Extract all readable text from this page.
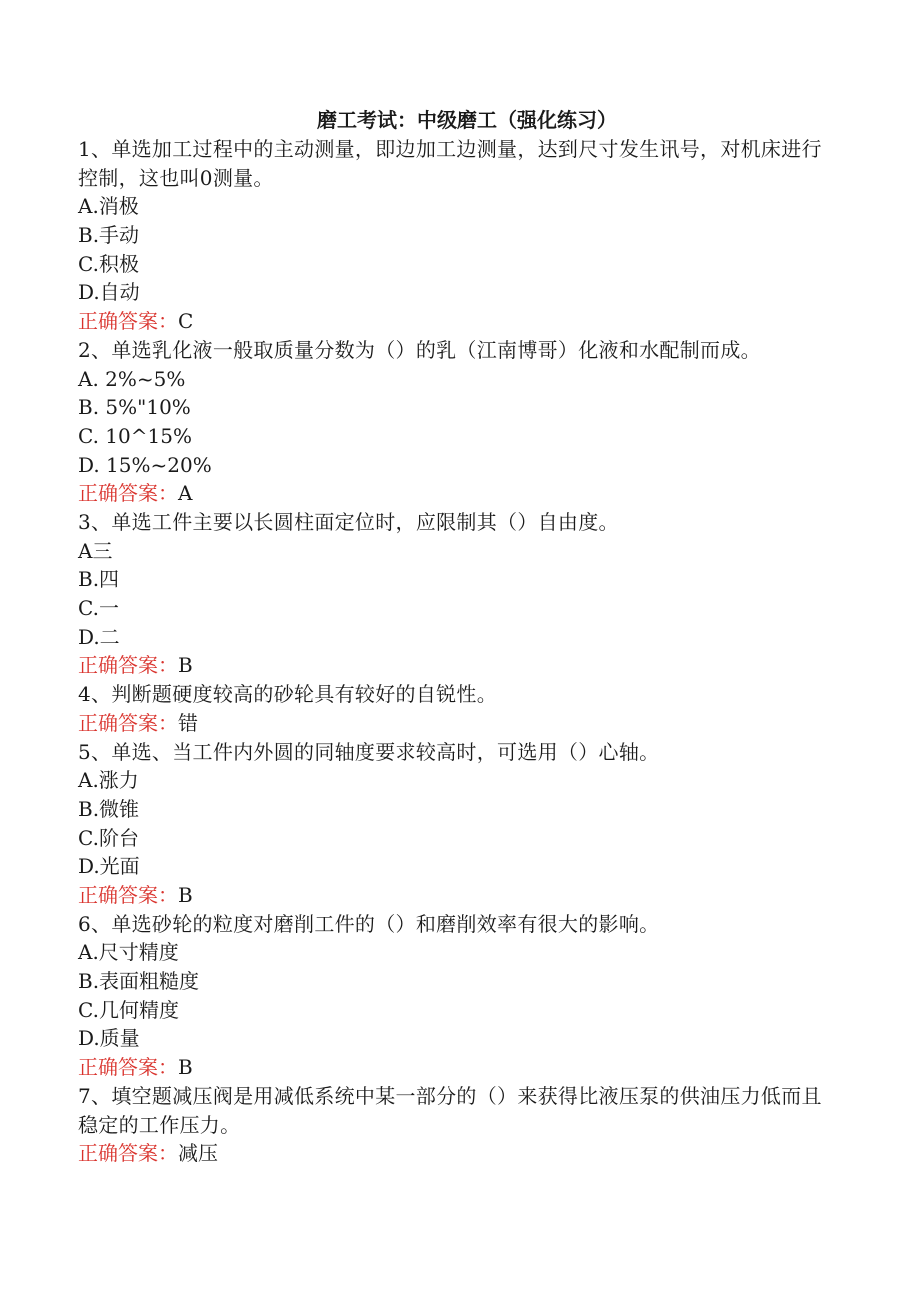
磨工考试：中级磨工（强化练习）

1、单选加工过程中的主动测量，即边加工边测量，达到尺寸发生讯号，对机床进行控制，这也叫0测量。

A.消极

B.手动

C.积极

D.自动

正确答案：C

2、单选乳化液一般取质量分数为（）的乳（江南博哥）化液和水配制而成。

A. 2%~5%

B. 5%"10%

C. 10^15%

D. 15%~20%

正确答案：A

3、单选工件主要以长圆柱面定位时，应限制其（）自由度。

A三

B.四

C.一

D.二

正确答案：B

4、判断题硬度较高的砂轮具有较好的自锐性。

正确答案：错

5、单选、当工件内外圆的同轴度要求较高时，可选用（）心轴。

A.涨力

B.微锥

C.阶台

D.光面

正确答案：B

6、单选砂轮的粒度对磨削工件的（）和磨削效率有很大的影响。

A.尺寸精度

B.表面粗糙度

C.几何精度

D.质量

正确答案：B

7、填空题减压阀是用减低系统中某一部分的（）来获得比液压泵的供油压力低而且稳定的工作压力。

正确答案：减压
